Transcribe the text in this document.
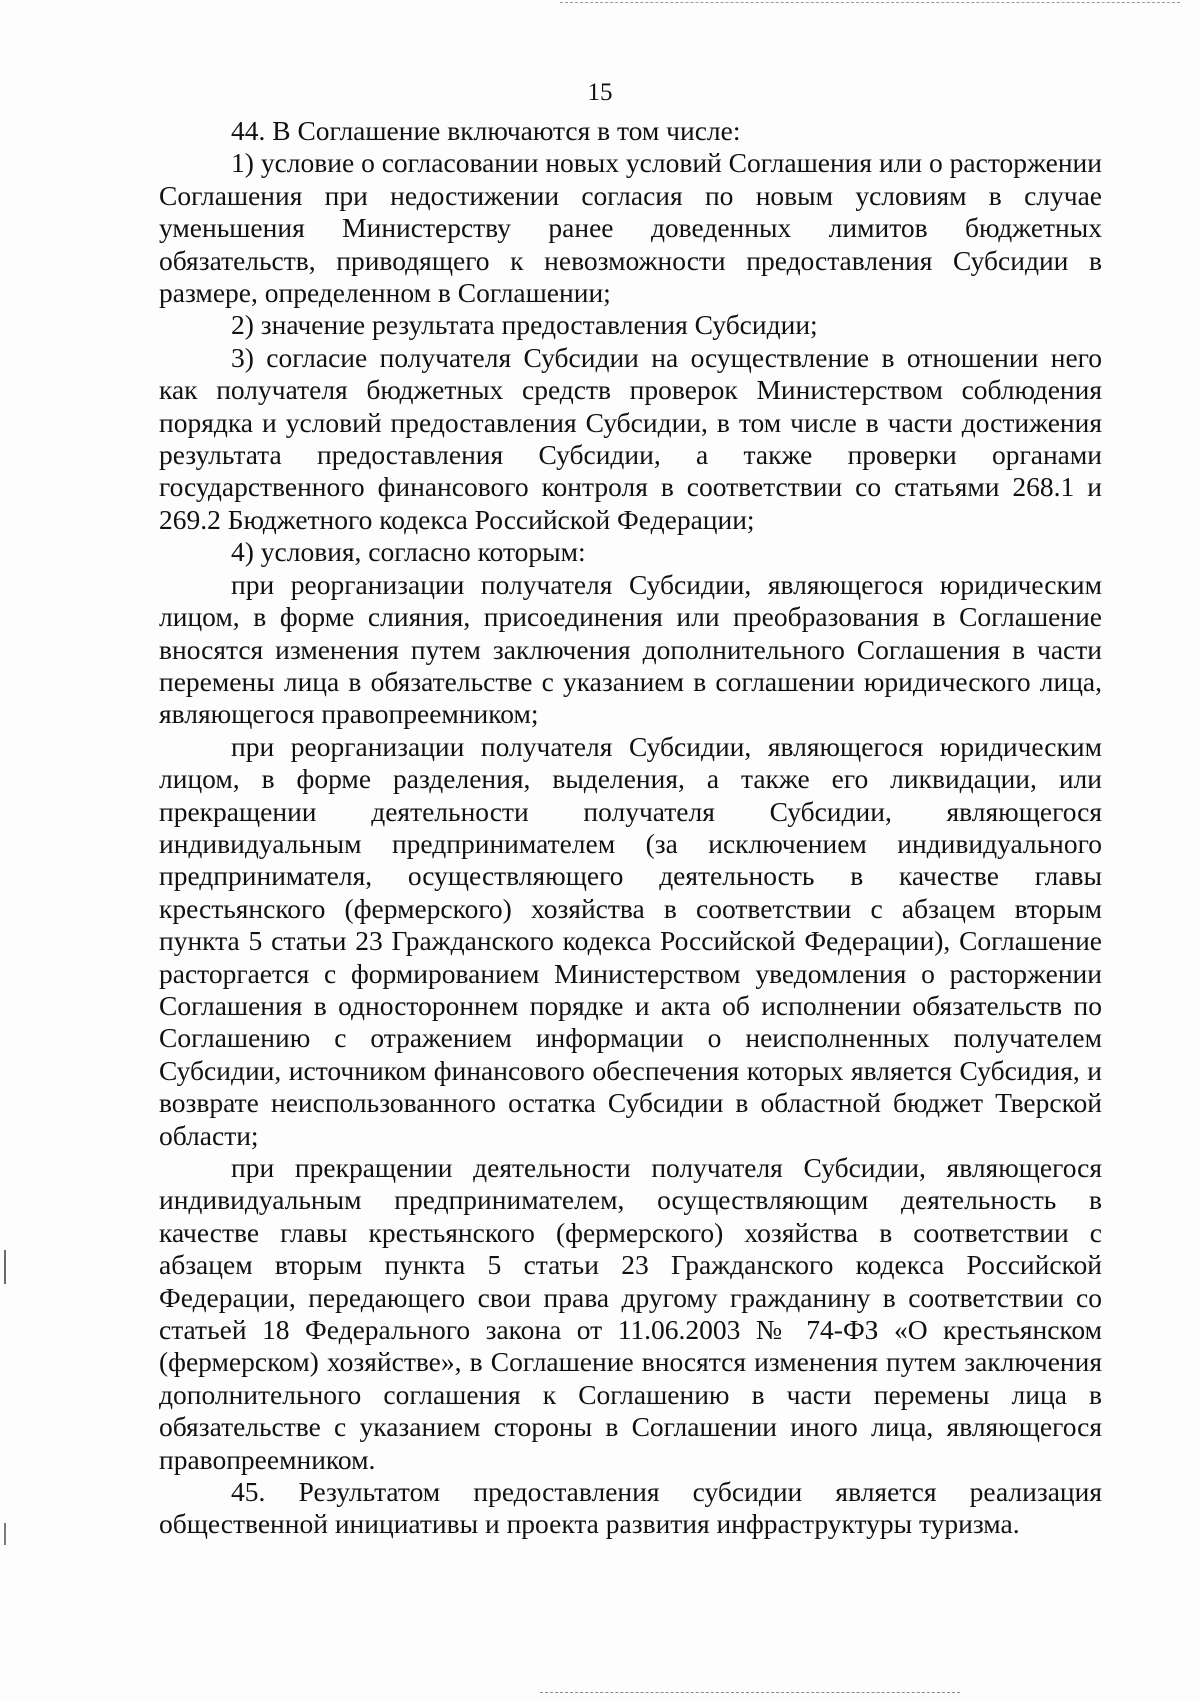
15

44. В Соглашение включаются в том числе:

1) условие о согласовании новых условий Соглашения или о расторжении Соглашения при недостижении согласия по новым условиям в случае уменьшения Министерству ранее доведенных лимитов бюджетных обязательств, приводящего к невозможности предоставления Субсидии в размере, определенном в Соглашении;

2) значение результата предоставления Субсидии;

3) согласие получателя Субсидии на осуществление в отношении него как получателя бюджетных средств проверок Министерством соблюдения порядка и условий предоставления Субсидии, в том числе в части достижения результата предоставления Субсидии, а также проверки органами государственного финансового контроля в соответствии со статьями 268.1 и 269.2 Бюджетного кодекса Российской Федерации;

4) условия, согласно которым:

при реорганизации получателя Субсидии, являющегося юридическим лицом, в форме слияния, присоединения или преобразования в Соглашение вносятся изменения путем заключения дополнительного Соглашения в части перемены лица в обязательстве с указанием в соглашении юридического лица, являющегося правопреемником;

при реорганизации получателя Субсидии, являющегося юридическим лицом, в форме разделения, выделения, а также его ликвидации, или прекращении деятельности получателя Субсидии, являющегося индивидуальным предпринимателем (за исключением индивидуального предпринимателя, осуществляющего деятельность в качестве главы крестьянского (фермерского) хозяйства в соответствии с абзацем вторым пункта 5 статьи 23 Гражданского кодекса Российской Федерации), Соглашение расторгается с формированием Министерством уведомления о расторжении Соглашения в одностороннем порядке и акта об исполнении обязательств по Соглашению с отражением информации о неисполненных получателем Субсидии, источником финансового обеспечения которых является Субсидия, и возврате неиспользованного остатка Субсидии в областной бюджет Тверской области;

при прекращении деятельности получателя Субсидии, являющегося индивидуальным предпринимателем, осуществляющим деятельность в качестве главы крестьянского (фермерского) хозяйства в соответствии с абзацем вторым пункта 5 статьи 23 Гражданского кодекса Российской Федерации, передающего свои права другому гражданину в соответствии со статьей 18 Федерального закона от 11.06.2003 № 74-ФЗ «О крестьянском (фермерском) хозяйстве», в Соглашение вносятся изменения путем заключения дополнительного соглашения к Соглашению в части перемены лица в обязательстве с указанием стороны в Соглашении иного лица, являющегося правопреемником.

45. Результатом предоставления субсидии является реализация общественной инициативы и проекта развития инфраструктуры туризма.
